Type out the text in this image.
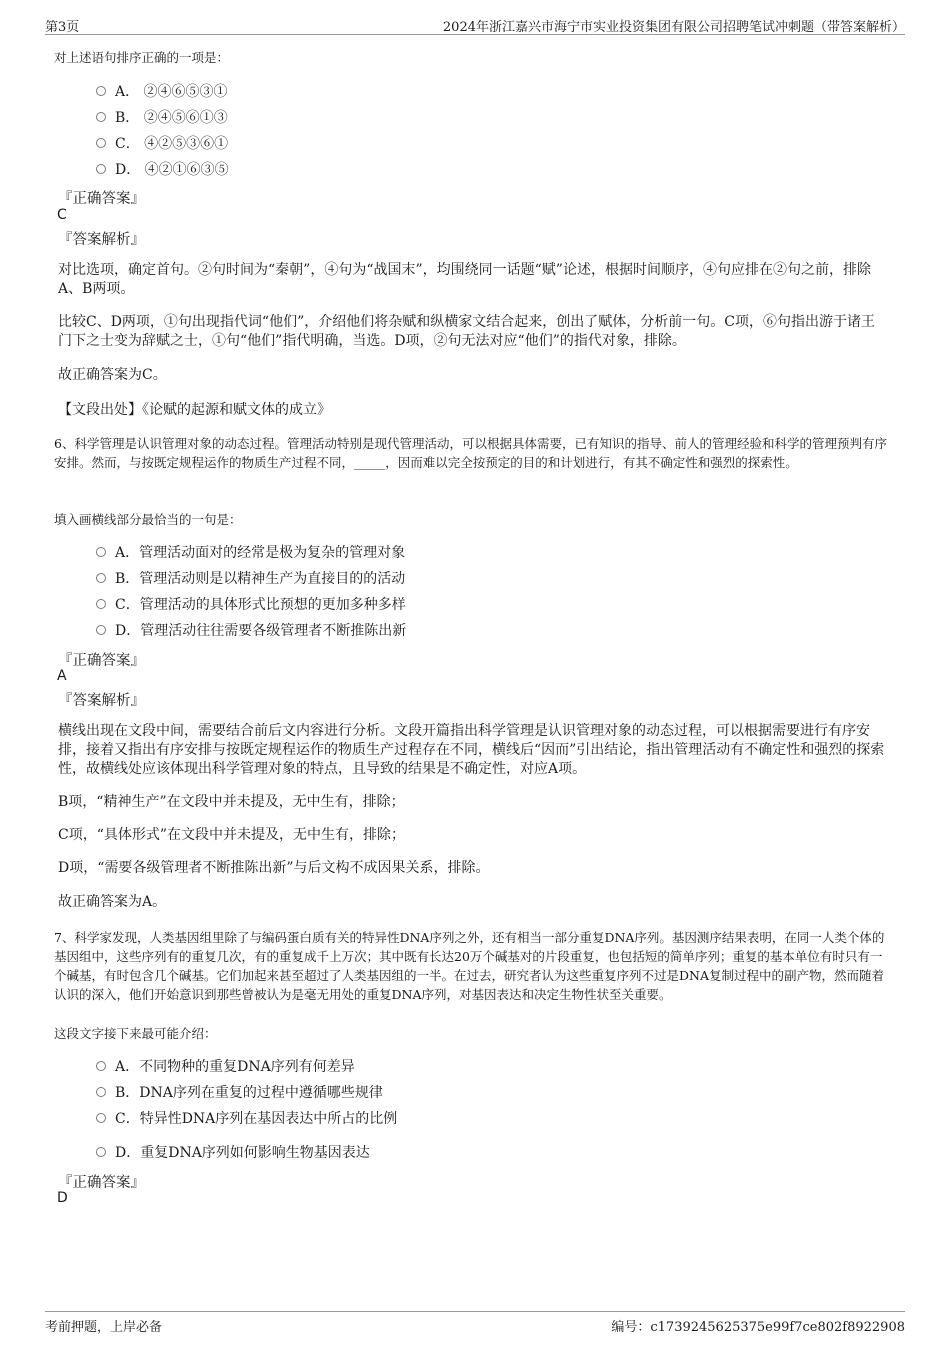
第3页	2024年浙江嘉兴市海宁市实业投资集团有限公司招聘笔试冲刺题（带答案解析）
对上述语句排序正确的一项是：
A． ②④⑥⑤③①
B． ②④⑤⑥①③
C． ④②⑤③⑥①
D． ④②①⑥③⑤
『正确答案』
C
『答案解析』
对比选项，确定首句。②句时间为“秦朝”，④句为“战国末”，均围绕同一话题“赋”论述，根据时间顺序，④句应排在②句之前，排除A、B两项。
比较C、D两项，①句出现指代词“他们”，介绍他们将杂赋和纵横家文结合起来，创出了赋体，分析前一句。C项，⑥句指出游于诸王门下之士变为辞赋之士，①句“他们”指代明确，当选。D项，②句无法对应“他们”的指代对象，排除。
故正确答案为C。
【文段出处】《论赋的起源和赋文体的成立》
6、科学管理是认识管理对象的动态过程。管理活动特别是现代管理活动，可以根据具体需要，已有知识的指导、前人的管理经验和科学的管理预判有序安排。然而，与按既定规程运作的物质生产过程不同，_____，因而难以完全按预定的目的和计划进行，有其不确定性和强烈的探索性。
填入画横线部分最恰当的一句是：
A．管理活动面对的经常是极为复杂的管理对象
B．管理活动则是以精神生产为直接目的的活动
C．管理活动的具体形式比预想的更加多种多样
D．管理活动往往需要各级管理者不断推陈出新
『正确答案』
A
『答案解析』
横线出现在文段中间，需要结合前后文内容进行分析。文段开篇指出科学管理是认识管理对象的动态过程，可以根据需要进行有序安排，接着又指出有序安排与按既定规程运作的物质生产过程存在不同，横线后“因而”引出结论，指出管理活动有不确定性和强烈的探索性，故横线处应该体现出科学管理对象的特点，且导致的结果是不确定性，对应A项。
B项，“精神生产”在文段中并未提及，无中生有，排除；
C项，“具体形式”在文段中并未提及，无中生有，排除；
D项，“需要各级管理者不断推陈出新”与后文构不成因果关系，排除。
故正确答案为A。
7、科学家发现，人类基因组里除了与编码蛋白质有关的特异性DNA序列之外，还有相当一部分重复DNA序列。基因测序结果表明，在同一人类个体的基因组中，这些序列有的重复几次，有的重复成千上万次；其中既有长达20万个碱基对的片段重复，也包括短的简单序列；重复的基本单位有时只有一个碱基，有时包含几个碱基。它们加起来甚至超过了人类基因组的一半。在过去，研究者认为这些重复序列不过是DNA复制过程中的副产物，然而随着认识的深入，他们开始意识到那些曾被认为是毫无用处的重复DNA序列，对基因表达和决定生物性状至关重要。
这段文字接下来最可能介绍：
A．不同物种的重复DNA序列有何差异
B．DNA序列在重复的过程中遵循哪些规律
C．特异性DNA序列在基因表达中所占的比例
D．重复DNA序列如何影响生物基因表达
『正确答案』
D
考前押题，上岸必备	编号：c1739245625375e99f7ce802f8922908
